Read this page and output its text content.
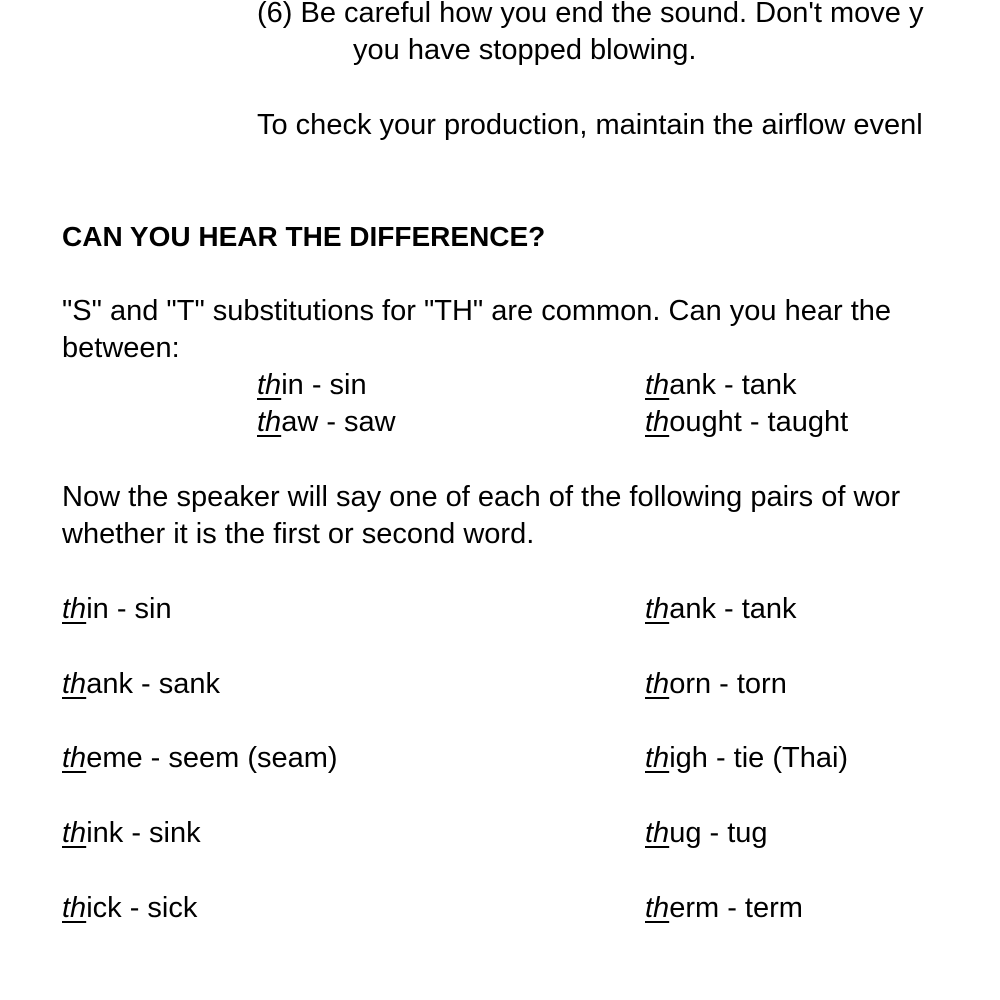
(6) Be careful how you end the sound. Don't move y

you have stopped blowing.

To check your production, maintain the airflow evenl

CAN YOU HEAR THE DIFFERENCE?

"S" and "T" substitutions for "TH" are common. Can you hear the

between:

thin - sin	thank - tank

thaw - saw	thought - taught

Now the speaker will say one of each of the following pairs of wor

whether it is the first or second word.

thin - sin	thank - tank

thank - sank	thorn - torn

theme - seem (seam)	thigh - tie (Thai)

think - sink	thug - tug

thick - sick	therm - term
